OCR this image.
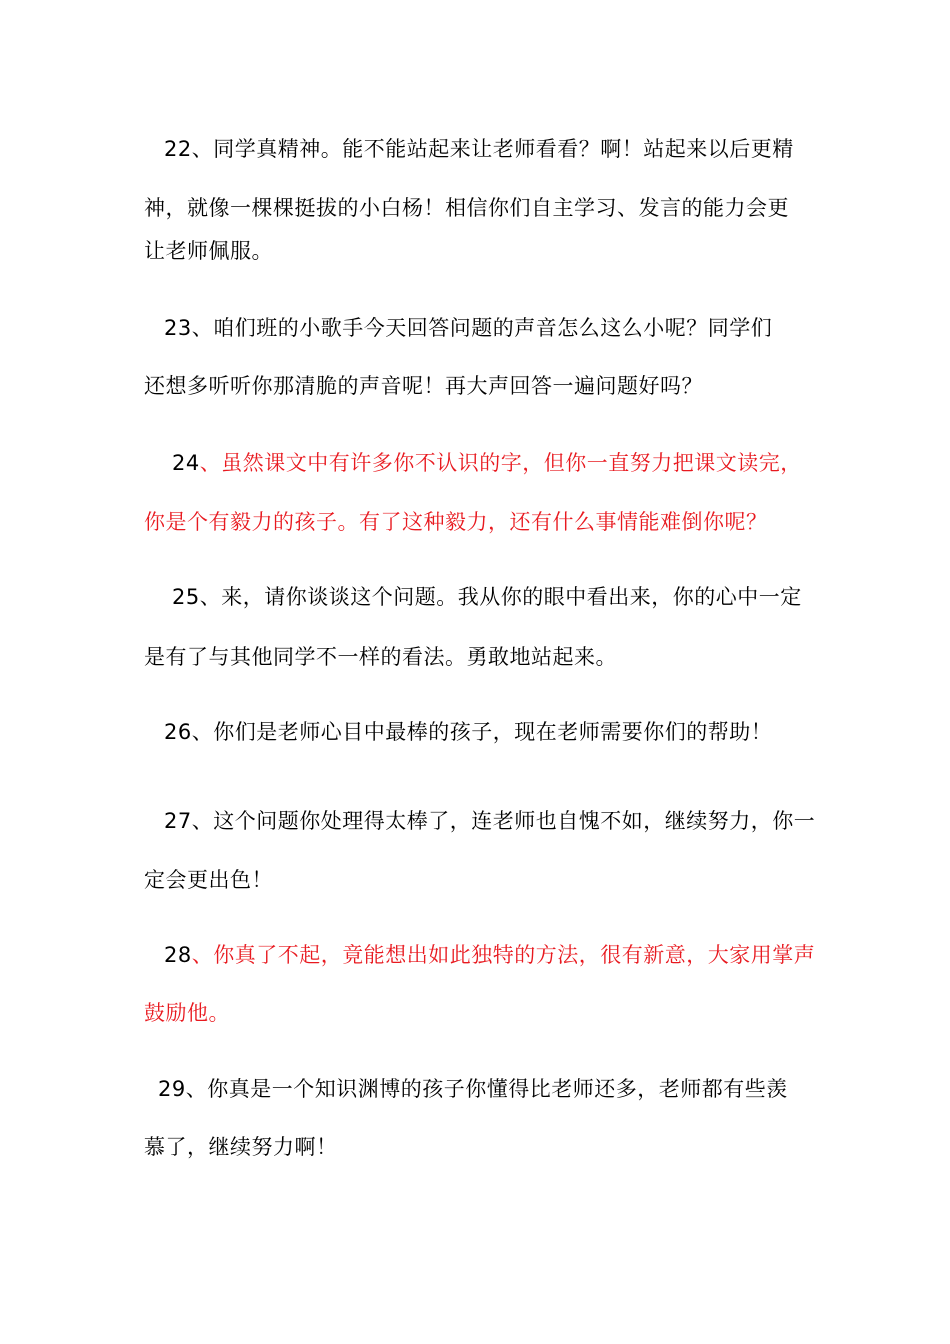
22、同学真精神。能不能站起来让老师看看？啊！站起来以后更精
神，就像一棵棵挺拔的小白杨！相信你们自主学习、发言的能力会更
让老师佩服。
23、咱们班的小歌手今天回答问题的声音怎么这么小呢？同学们
还想多听听你那清脆的声音呢！再大声回答一遍问题好吗？
24、虽然课文中有许多你不认识的字，但你一直努力把课文读完，
你是个有毅力的孩子。有了这种毅力，还有什么事情能难倒你呢？
25、来，请你谈谈这个问题。我从你的眼中看出来，你的心中一定
是有了与其他同学不一样的看法。勇敢地站起来。
26、你们是老师心目中最棒的孩子，现在老师需要你们的帮助！
27、这个问题你处理得太棒了，连老师也自愧不如，继续努力，你一
定会更出色！
28、你真了不起，竟能想出如此独特的方法，很有新意，大家用掌声
鼓励他。
29、你真是一个知识渊博的孩子你懂得比老师还多，老师都有些羡
慕了，继续努力啊！
